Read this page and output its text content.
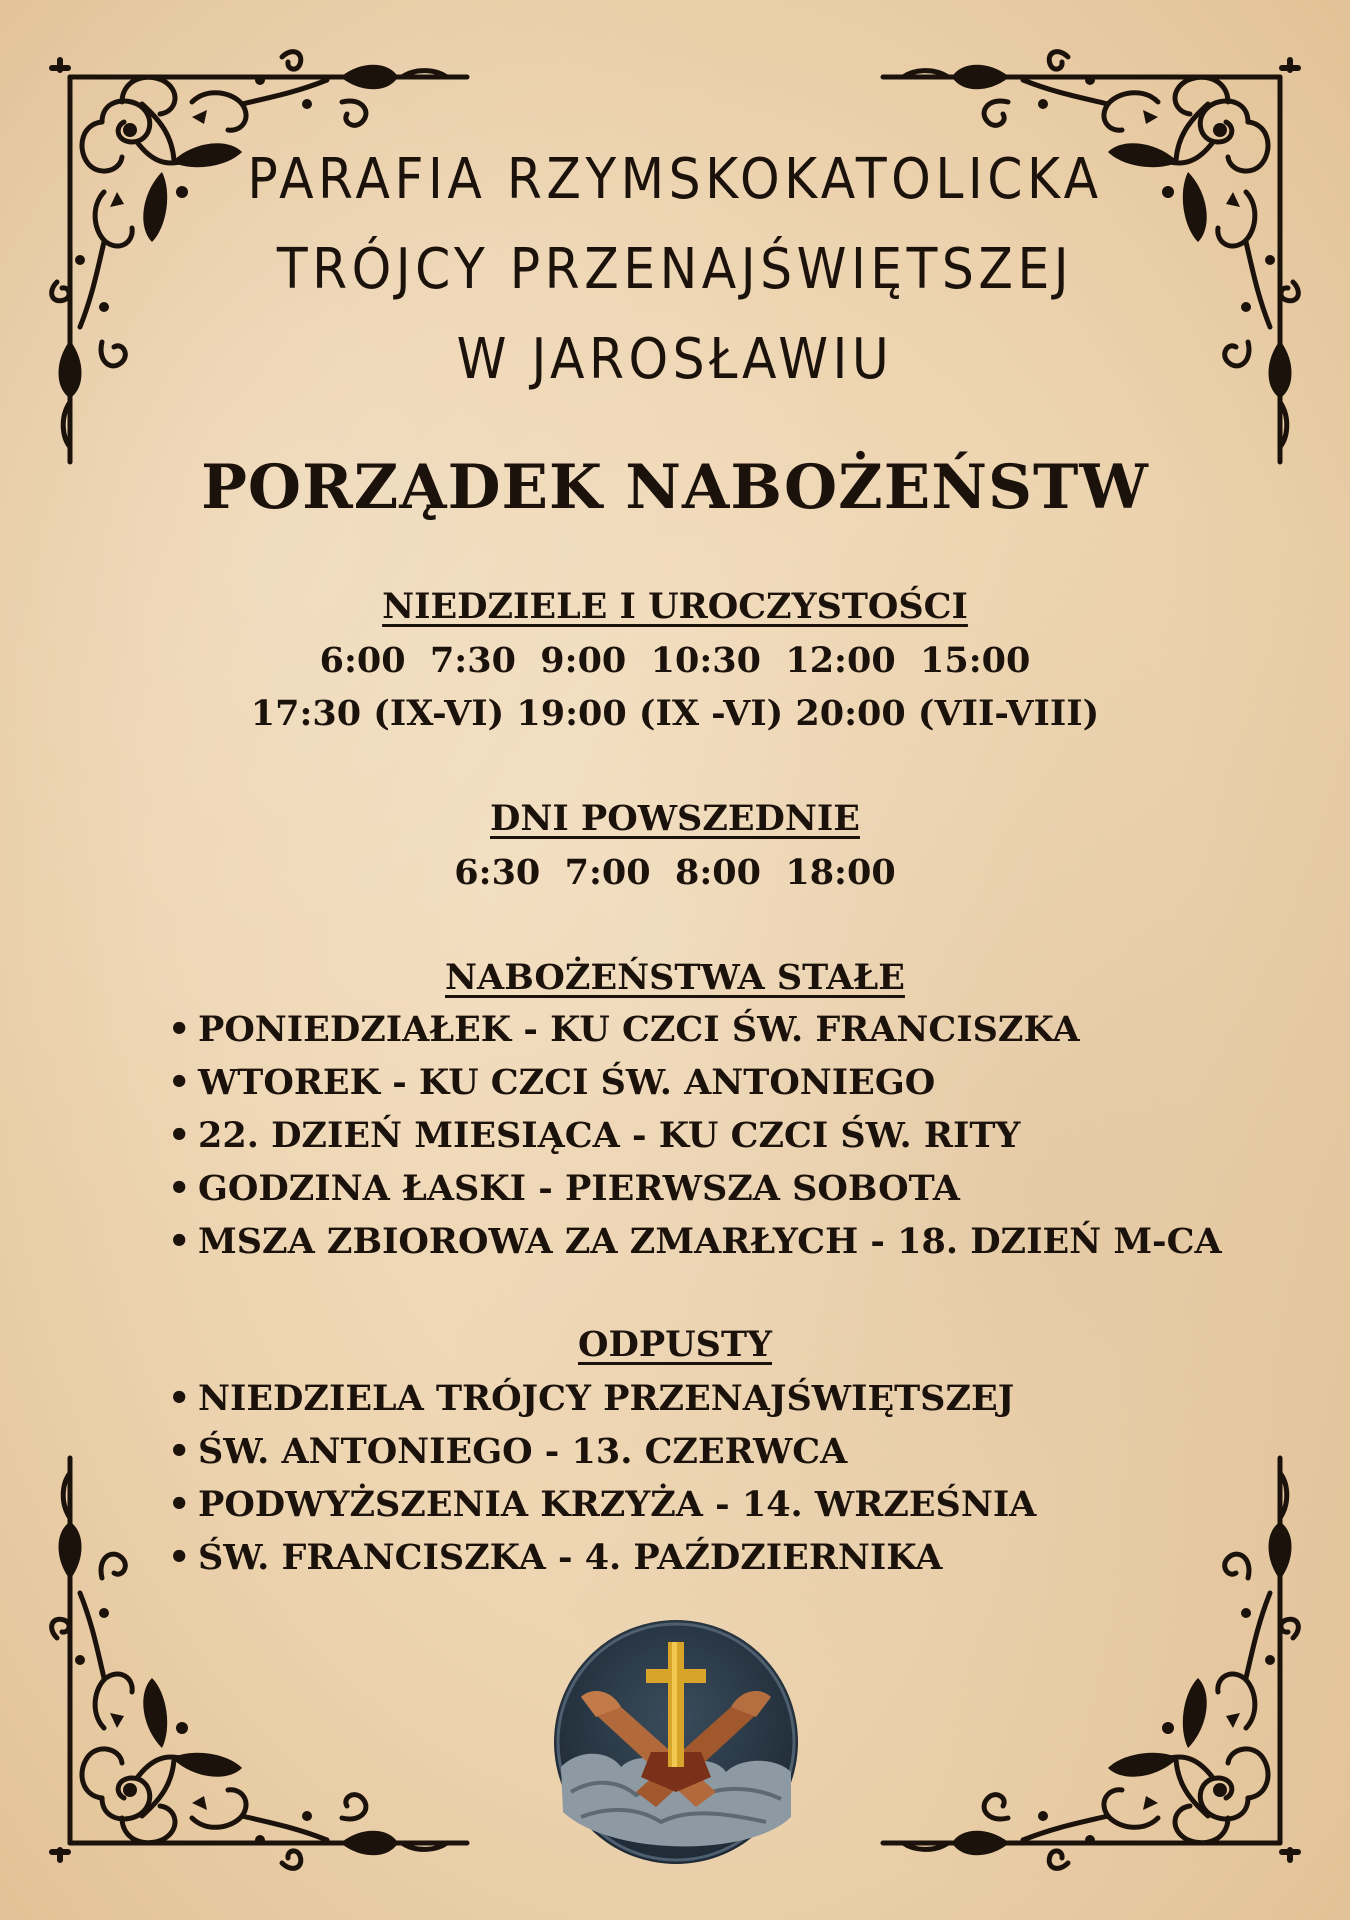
PARAFIA RZYMSKOKATOLICKA
TRÓJCY PRZENAJŚWIĘTSZEJ
W JAROSŁAWIU
PORZĄDEK NABOŻEŃSTW
NIEDZIELE I UROCZYSTOŚCI
6:00  7:30  9:00  10:30  12:00  15:00
17:30 (IX-VI) 19:00 (IX -VI) 20:00 (VII-VIII)
DNI POWSZEDNIE
6:30  7:00  8:00  18:00
NABOŻEŃSTWA STAŁE
• PONIEDZIAŁEK - KU CZCI ŚW. FRANCISZKA
• WTOREK - KU CZCI ŚW. ANTONIEGO
• 22. DZIEŃ MIESIĄCA - KU CZCI ŚW. RITY
• GODZINA ŁASKI - PIERWSZA SOBOTA
• MSZA ZBIOROWA ZA ZMARŁYCH - 18. DZIEŃ M-CA
ODPUSTY
• NIEDZIELA TRÓJCY PRZENAJŚWIĘTSZEJ
• ŚW. ANTONIEGO - 13. CZERWCA
• PODWYŻSZENIA KRZYŻA - 14. WRZEŚNIA
• ŚW. FRANCISZKA - 4. PAŹDZIERNIKA
